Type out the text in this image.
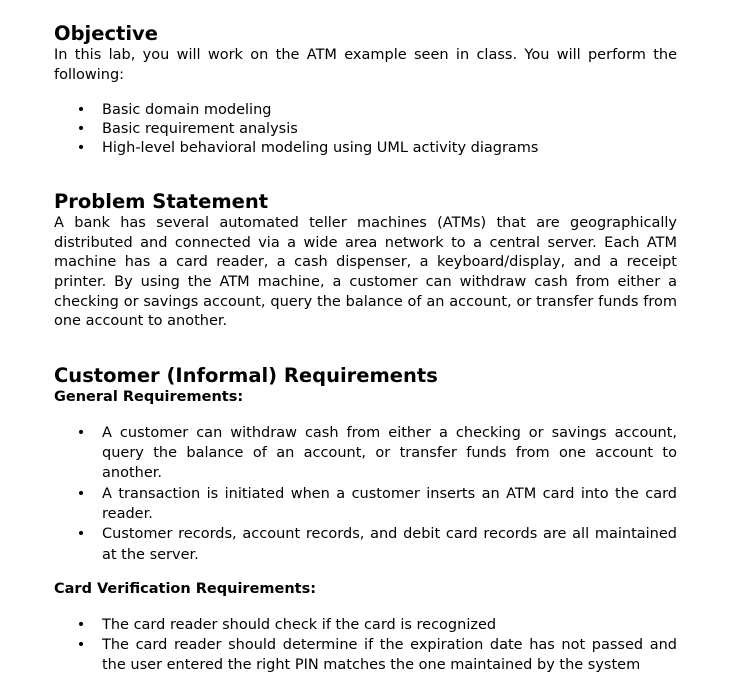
Objective

In this lab, you will work on the ATM example seen in class. You will perform the following:

• Basic domain modeling
• Basic requirement analysis
• High-level behavioral modeling using UML activity diagrams
Problem Statement

A bank has several automated teller machines (ATMs) that are geographically distributed and connected via a wide area network to a central server. Each ATM machine has a card reader, a cash dispenser, a keyboard/display, and a receipt printer. By using the ATM machine, a customer can withdraw cash from either a checking or savings account, query the balance of an account, or transfer funds from one account to another.

Customer (Informal) Requirements
General Requirements:
• A customer can withdraw cash from either a checking or savings account, query the balance of an account, or transfer funds from one account to another.
• A transaction is initiated when a customer inserts an ATM card into the card reader.
• Customer records, account records, and debit card records are all maintained at the server.
Card Verification Requirements:
• The card reader should check if the card is recognized
• The card reader should determine if the expiration date has not passed and the user entered the right PIN matches the one maintained by the system
